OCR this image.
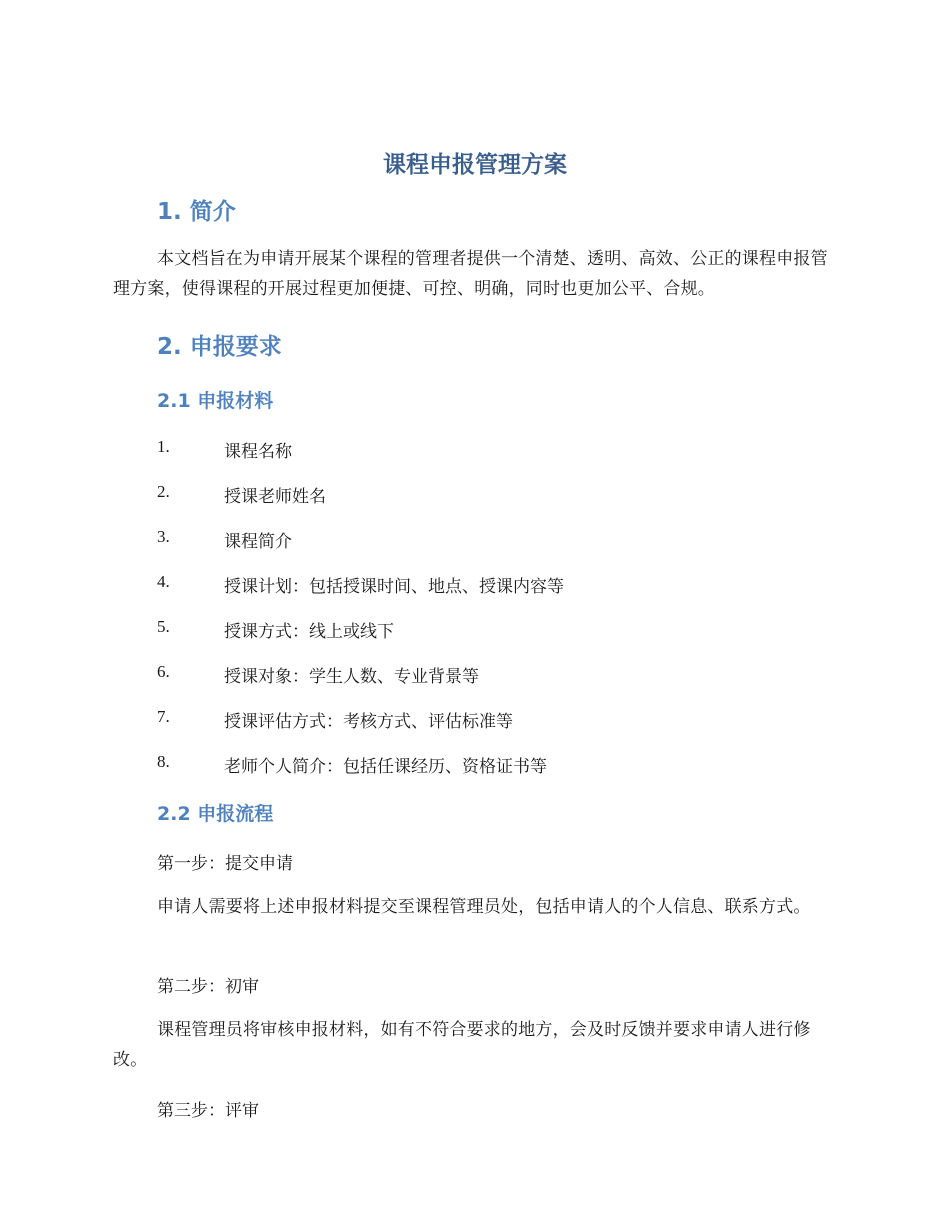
课程申报管理方案
1. 简介

本文档旨在为申请开展某个课程的管理者提供一个清楚、透明、高效、公正的课程申报管理方案，使得课程的开展过程更加便捷、可控、明确，同时也更加公平、合规。

2. 申报要求
2.1 申报材料
1.	课程名称
2.	授课老师姓名
3.	课程简介
4.	授课计划：包括授课时间、地点、授课内容等
5.	授课方式：线上或线下
6.	授课对象：学生人数、专业背景等
7.	授课评估方式：考核方式、评估标准等
8.	老师个人简介：包括任课经历、资格证书等
2.2 申报流程

第一步：提交申请

申请人需要将上述申报材料提交至课程管理员处，包括申请人的个人信息、联系方式。

第二步：初审

课程管理员将审核申报材料，如有不符合要求的地方，会及时反馈并要求申请人进行修改。

第三步：评审
